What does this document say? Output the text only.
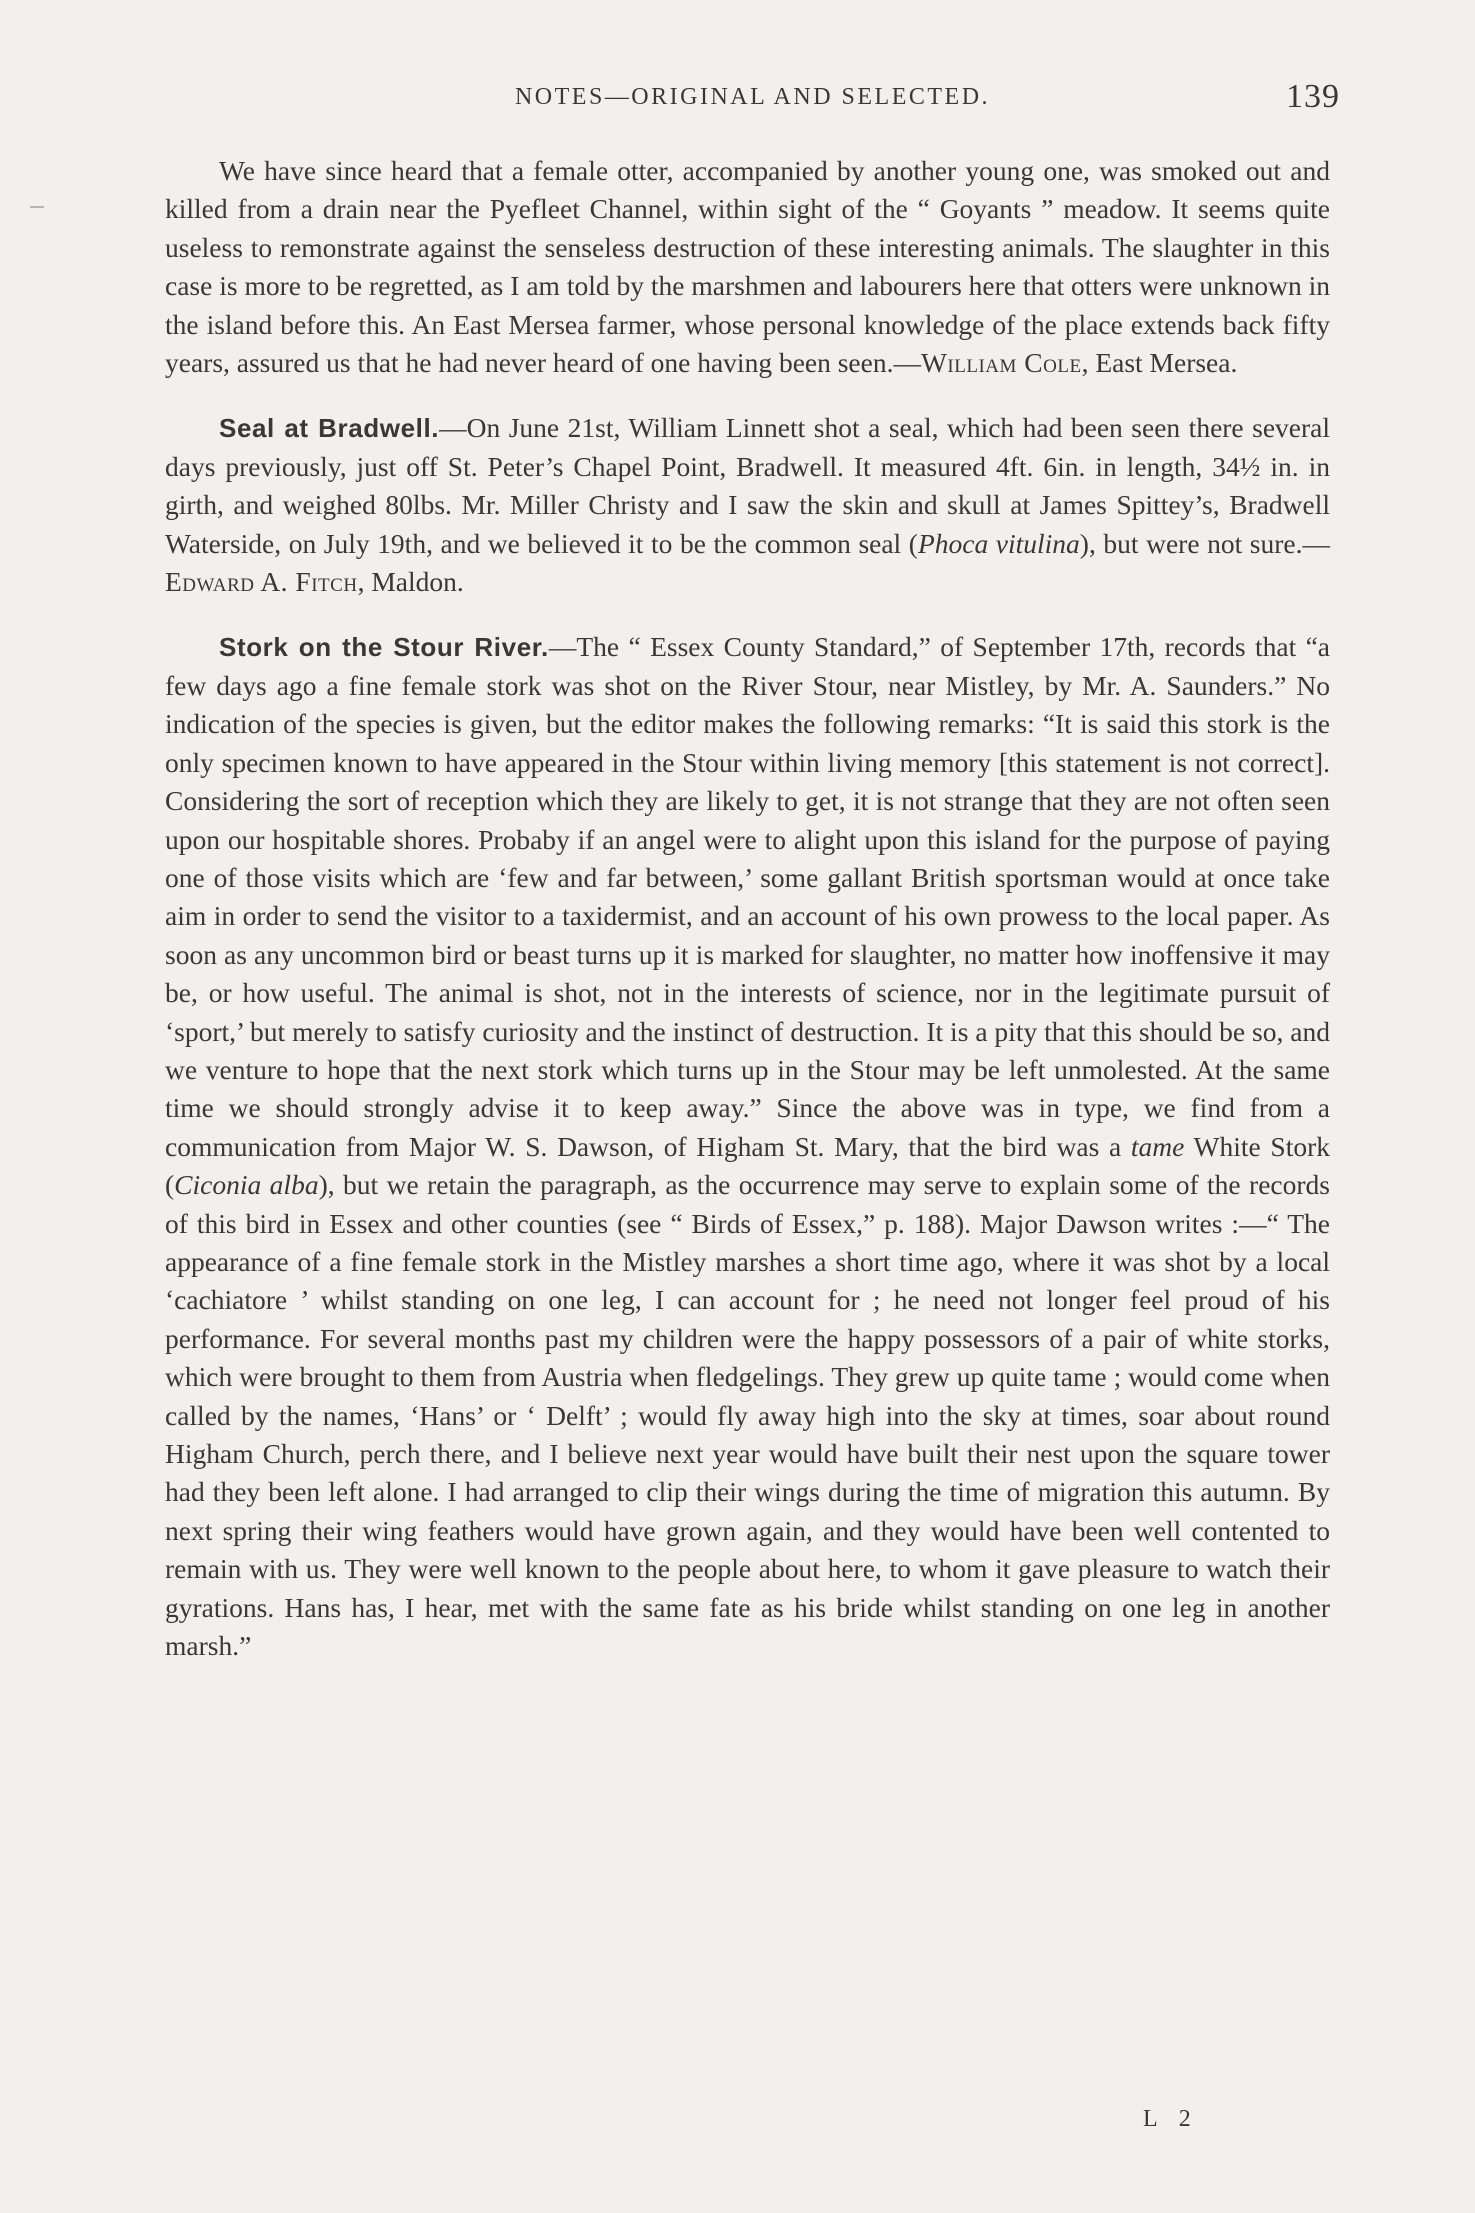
NOTES—ORIGINAL AND SELECTED.	139

We have since heard that a female otter, accompanied by another young one, was smoked out and killed from a drain near the Pyefleet Channel, within sight of the “ Goyants ” meadow. It seems quite useless to remonstrate against the senseless destruction of these interesting animals. The slaughter in this case is more to be regretted, as I am told by the marshmen and labourers here that otters were unknown in the island before this. An East Mersea farmer, whose personal knowledge of the place extends back fifty years, assured us that he had never heard of one having been seen.—William Cole, East Mersea.

Seal at Bradwell.—On June 21st, William Linnett shot a seal, which had been seen there several days previously, just off St. Peter’s Chapel Point, Bradwell. It measured 4ft. 6in. in length, 34½ in. in girth, and weighed 80lbs. Mr. Miller Christy and I saw the skin and skull at James Spittey’s, Bradwell Waterside, on July 19th, and we believed it to be the common seal (Phoca vitulina), but were not sure.—Edward A. Fitch, Maldon.

Stork on the Stour River.—The “ Essex County Standard,” of September 17th, records that “a few days ago a fine female stork was shot on the River Stour, near Mistley, by Mr. A. Saunders.” No indication of the species is given, but the editor makes the following remarks: “It is said this stork is the only specimen known to have appeared in the Stour within living memory [this statement is not correct]. Considering the sort of reception which they are likely to get, it is not strange that they are not often seen upon our hospitable shores. Probaby if an angel were to alight upon this island for the purpose of paying one of those visits which are ‘few and far between,’ some gallant British sportsman would at once take aim in order to send the visitor to a taxidermist, and an account of his own prowess to the local paper. As soon as any uncommon bird or beast turns up it is marked for slaughter, no matter how inoffensive it may be, or how useful. The animal is shot, not in the interests of science, nor in the legitimate pursuit of ‘sport,’ but merely to satisfy curiosity and the instinct of destruction. It is a pity that this should be so, and we venture to hope that the next stork which turns up in the Stour may be left unmolested. At the same time we should strongly advise it to keep away.” Since the above was in type, we find from a communication from Major W. S. Dawson, of Higham St. Mary, that the bird was a tame White Stork (Ciconia alba), but we retain the paragraph, as the occurrence may serve to explain some of the records of this bird in Essex and other counties (see “ Birds of Essex,” p. 188). Major Dawson writes :—“ The appearance of a fine female stork in the Mistley marshes a short time ago, where it was shot by a local ‘cachiatore ’ whilst standing on one leg, I can account for ; he need not longer feel proud of his performance. For several months past my children were the happy possessors of a pair of white storks, which were brought to them from Austria when fledgelings. They grew up quite tame ; would come when called by the names, ‘Hans’ or ‘ Delft’ ; would fly away high into the sky at times, soar about round Higham Church, perch there, and I believe next year would have built their nest upon the square tower had they been left alone. I had arranged to clip their wings during the time of migration this autumn. By next spring their wing feathers would have grown again, and they would have been well contented to remain with us. They were well known to the people about here, to whom it gave pleasure to watch their gyrations. Hans has, I hear, met with the same fate as his bride whilst standing on one leg in another marsh.”

L 2
